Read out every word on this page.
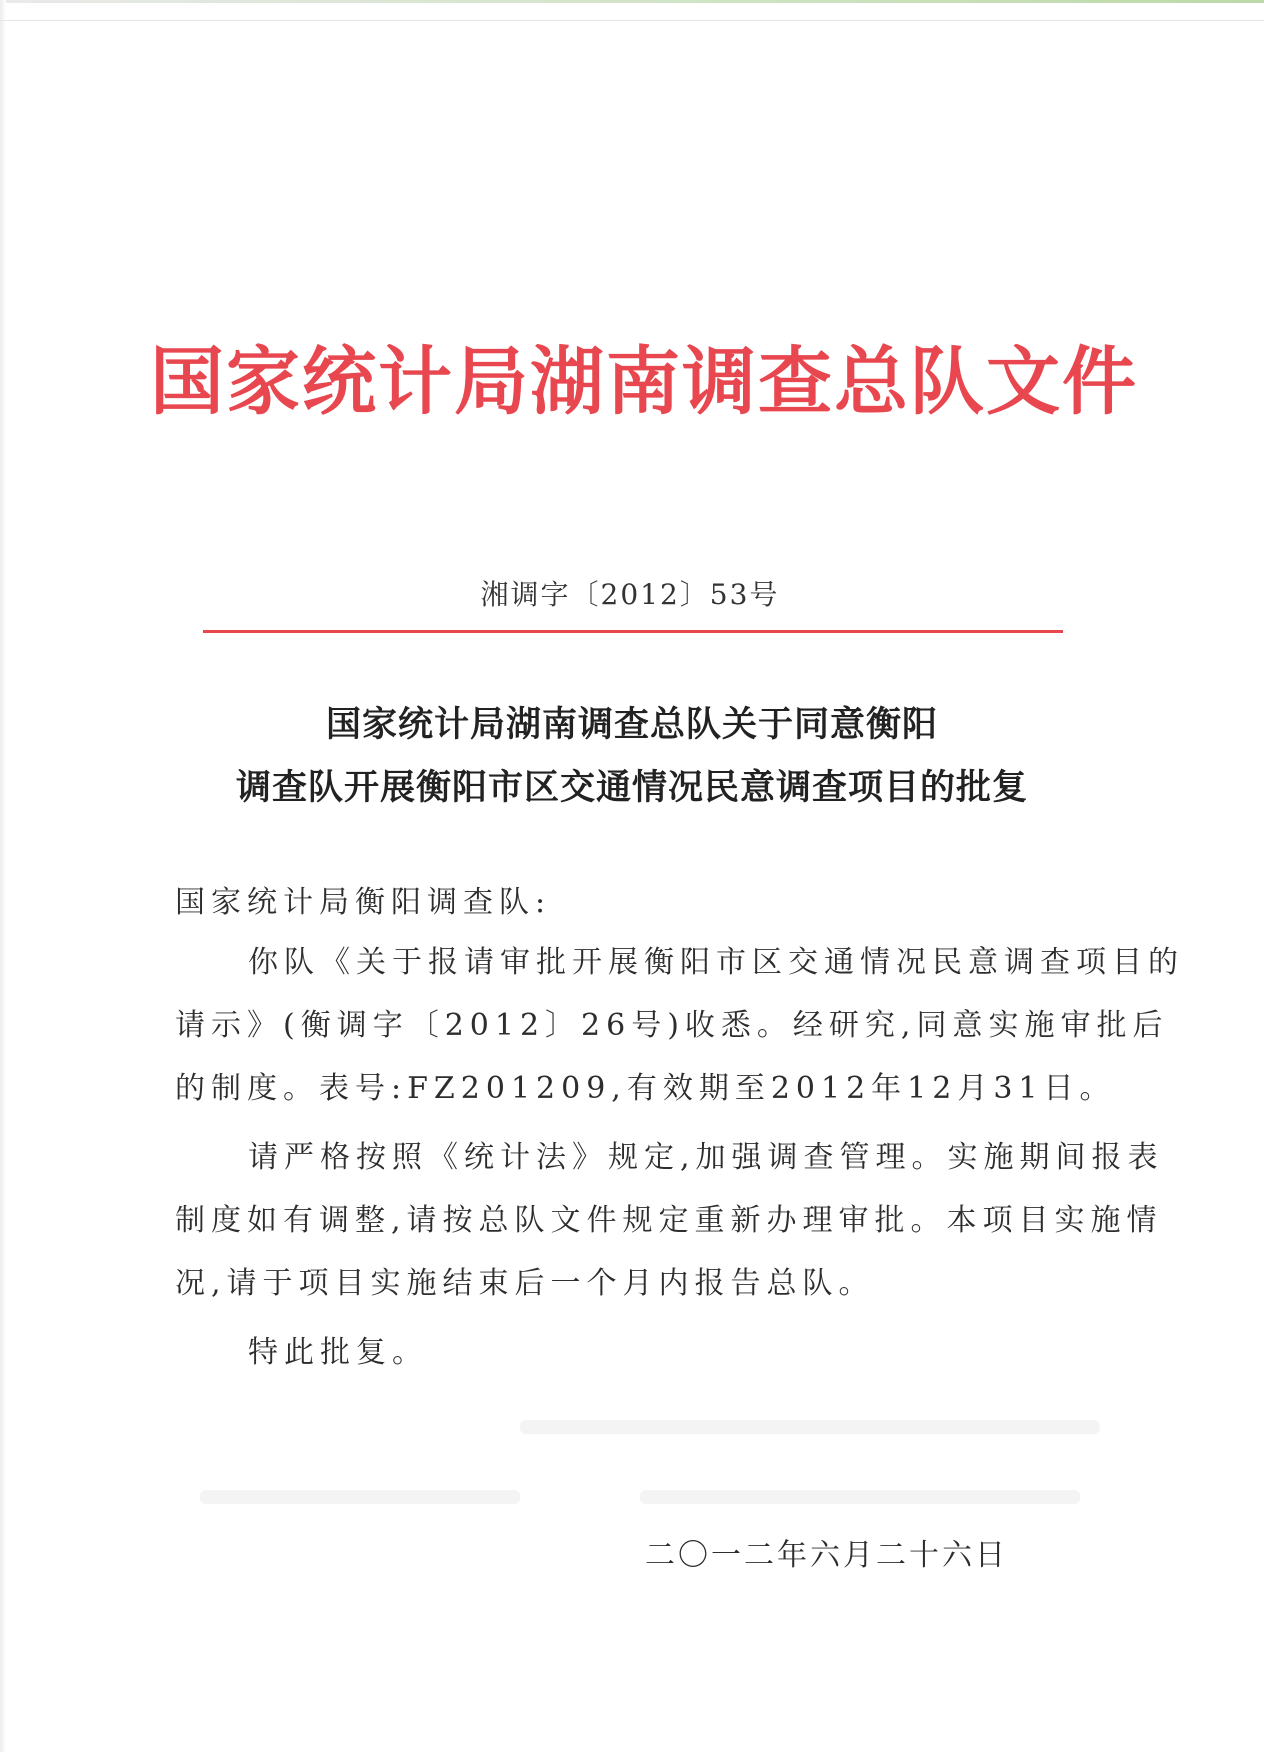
国家统计局湖南调查总队文件
湘调字〔2012〕53号
国家统计局湖南调查总队关于同意衡阳
调查队开展衡阳市区交通情况民意调查项目的批复
国家统计局衡阳调查队:
你队《关于报请审批开展衡阳市区交通情况民意调查项目的
请示》(衡调字〔2012〕26号)收悉。经研究,同意实施审批后
的制度。表号:FZ201209,有效期至2012年12月31日。
请严格按照《统计法》规定,加强调查管理。实施期间报表
制度如有调整,请按总队文件规定重新办理审批。本项目实施情
况,请于项目实施结束后一个月内报告总队。
特此批复。
二〇一二年六月二十六日
